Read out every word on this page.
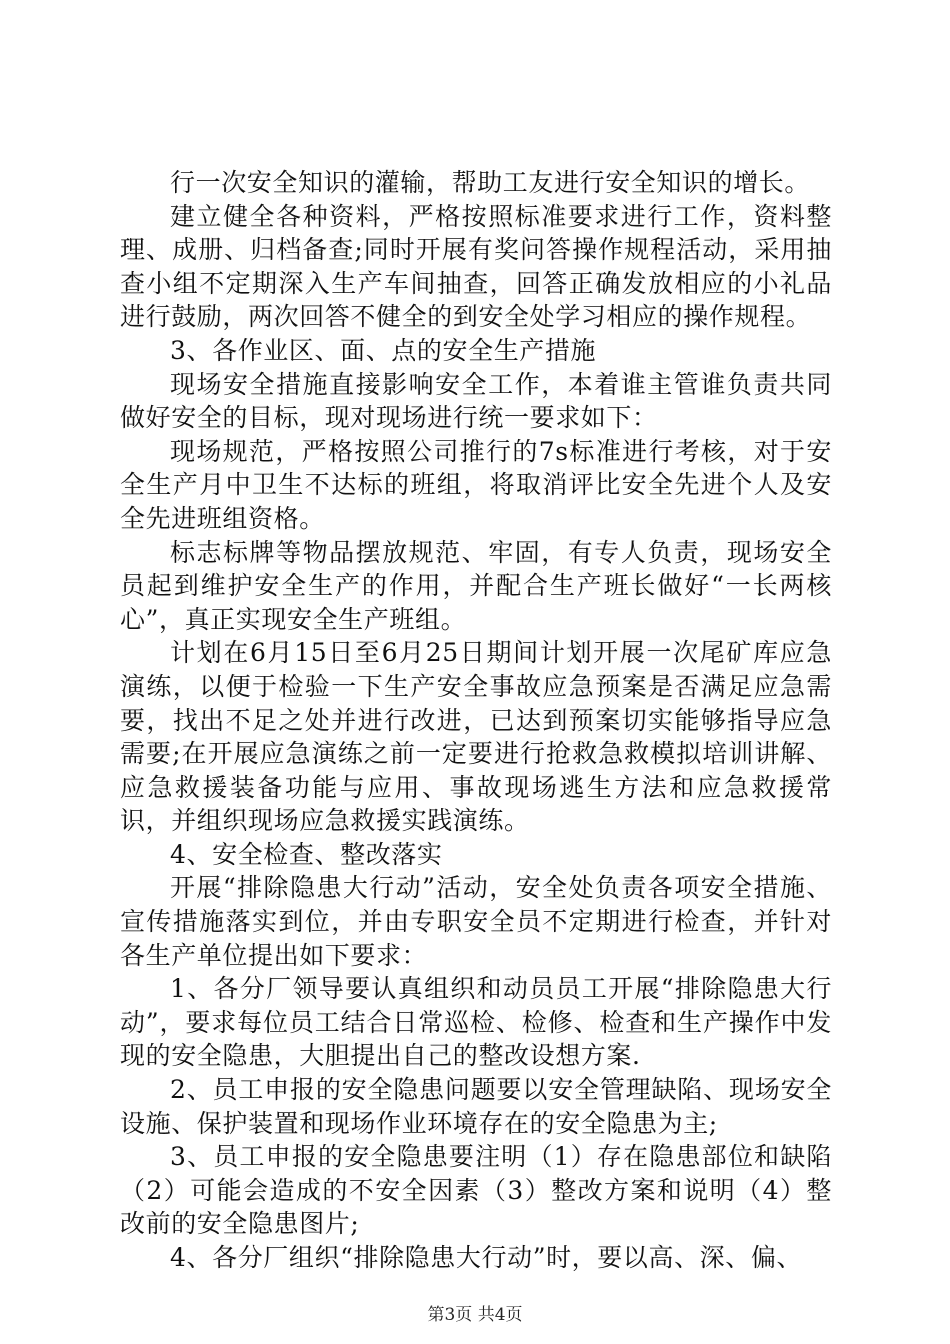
行一次安全知识的灌输，帮助工友进行安全知识的增长。

建立健全各种资料，严格按照标准要求进行工作，资料整理、成册、归档备查;同时开展有奖问答操作规程活动，采用抽查小组不定期深入生产车间抽查，回答正确发放相应的小礼品进行鼓励，两次回答不健全的到安全处学习相应的操作规程。

3、各作业区、面、点的安全生产措施

现场安全措施直接影响安全工作，本着谁主管谁负责共同做好安全的目标，现对现场进行统一要求如下：

现场规范，严格按照公司推行的7s标准进行考核，对于安全生产月中卫生不达标的班组，将取消评比安全先进个人及安全先进班组资格。

标志标牌等物品摆放规范、牢固，有专人负责，现场安全员起到维护安全生产的作用，并配合生产班长做好“一长两核心”，真正实现安全生产班组。

计划在6月15日至6月25日期间计划开展一次尾矿库应急演练，以便于检验一下生产安全事故应急预案是否满足应急需要，找出不足之处并进行改进，已达到预案切实能够指导应急需要;在开展应急演练之前一定要进行抢救急救模拟培训讲解、应急救援装备功能与应用、事故现场逃生方法和应急救援常识，并组织现场应急救援实践演练。

4、安全检查、整改落实

开展“排除隐患大行动”活动，安全处负责各项安全措施、宣传措施落实到位，并由专职安全员不定期进行检查，并针对各生产单位提出如下要求：

1、各分厂领导要认真组织和动员员工开展“排除隐患大行动”，要求每位员工结合日常巡检、检修、检查和生产操作中发现的安全隐患，大胆提出自己的整改设想方案.

2、员工申报的安全隐患问题要以安全管理缺陷、现场安全设施、保护装置和现场作业环境存在的安全隐患为主;

3、员工申报的安全隐患要注明（1）存在隐患部位和缺陷（2）可能会造成的不安全因素（3）整改方案和说明（4）整改前的安全隐患图片;

4、各分厂组织“排除隐患大行动”时，要以高、深、偏、

第3页 共4页
